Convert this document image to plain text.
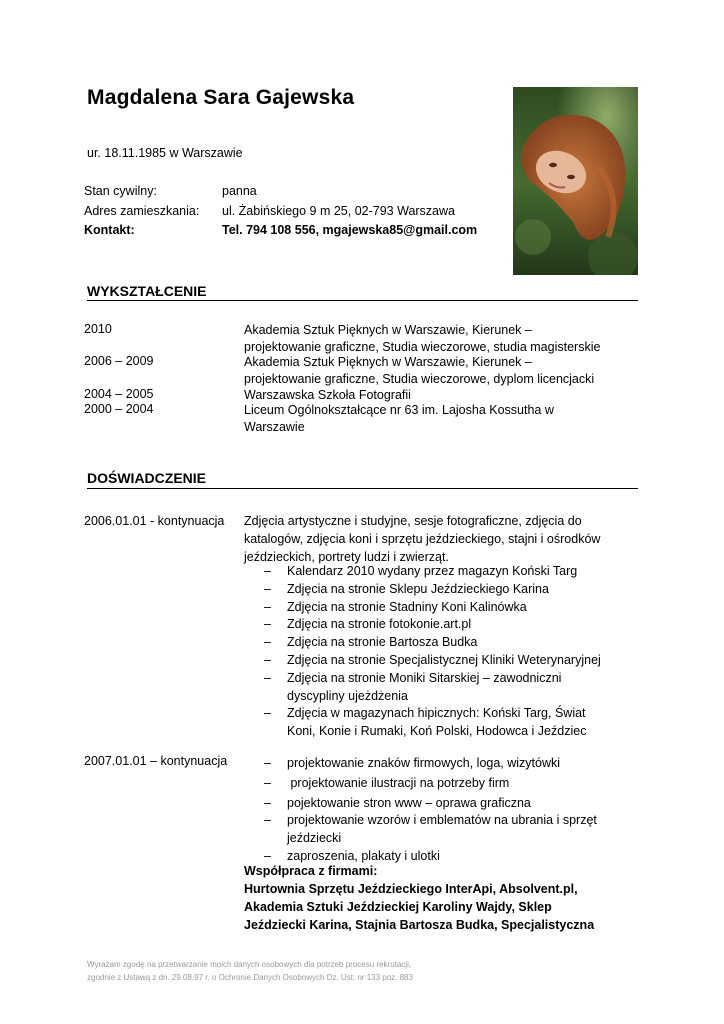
Magdalena Sara Gajewska
ur. 18.11.1985 w Warszawie
Stan cywilny:	panna
Adres zamieszkania: ul. Żabińskiego 9 m 25, 02-793 Warszawa
Kontakt:	Tel. 794 108 556, mgajewska85@gmail.com
WYKSZTAŁCENIE
2010	Akademia Sztuk Pięknych w Warszawie, Kierunek – projektowanie graficzne, Studia wieczorowe, studia magisterskie
2006 – 2009	Akademia Sztuk Pięknych w Warszawie, Kierunek – projektowanie graficzne, Studia wieczorowe, dyplom licencjacki
2004 – 2005	Warszawska Szkoła Fotografii
2000 – 2004	Liceum Ogólnokształcące nr 63 im. Lajosha Kossutha w Warszawie
DOŚWIADCZENIE
2006.01.01 - kontynuacja Zdjęcia artystyczne i studyjne, sesje fotograficzne, zdjęcia do katalogów, zdjęcia koni i sprzętu jeździeckiego, stajni i ośrodków jeździeckich, portrety ludzi i zwierząt.
– Kalendarz 2010 wydany przez magazyn Koński Targ
– Zdjęcia na stronie Sklepu Jeździeckiego Karina
– Zdjęcia na stronie Stadniny Koni Kalinówka
– Zdjęcia na stronie fotokonie.art.pl
– Zdjęcia na stronie Bartosza Budka
– Zdjęcia na stronie Specjalistycznej Kliniki Weterynaryjnej
– Zdjęcia na stronie Moniki Sitarskiej – zawodniczni dyscypliny ujeżdżenia
– Zdjęcia w magazynach hipicznych: Koński Targ, Świat Koni, Konie i Rumaki, Koń Polski, Hodowca i Jeździec
2007.01.01 – kontynuacja	– projektowanie znaków firmowych, loga, wizytówki
– projektowanie ilustracji na potrzeby firm
– pojektowanie stron www – oprawa graficzna
– projektowanie wzorów i emblematów na ubrania i sprzęt jeździecki
– zaproszenia, plakaty i ulotki
Współpraca z firmami:
Hurtownia Sprzętu Jeździeckiego InterApi, Absolvent.pl, Akademia Sztuki Jeździeckiej Karoliny Wajdy, Sklep Jeździecki Karina, Stajnia Bartosza Budka, Specjalistyczna
Wyrażam zgodę na przetwarzanie moich danych osobowych dla potrzeb procesu rekrutacji,
zgodnie z Ustawą z dn. 29.08.97 r. o Ochronie Danych Osobowych Dz. Ust. nr 133 poz. 883
